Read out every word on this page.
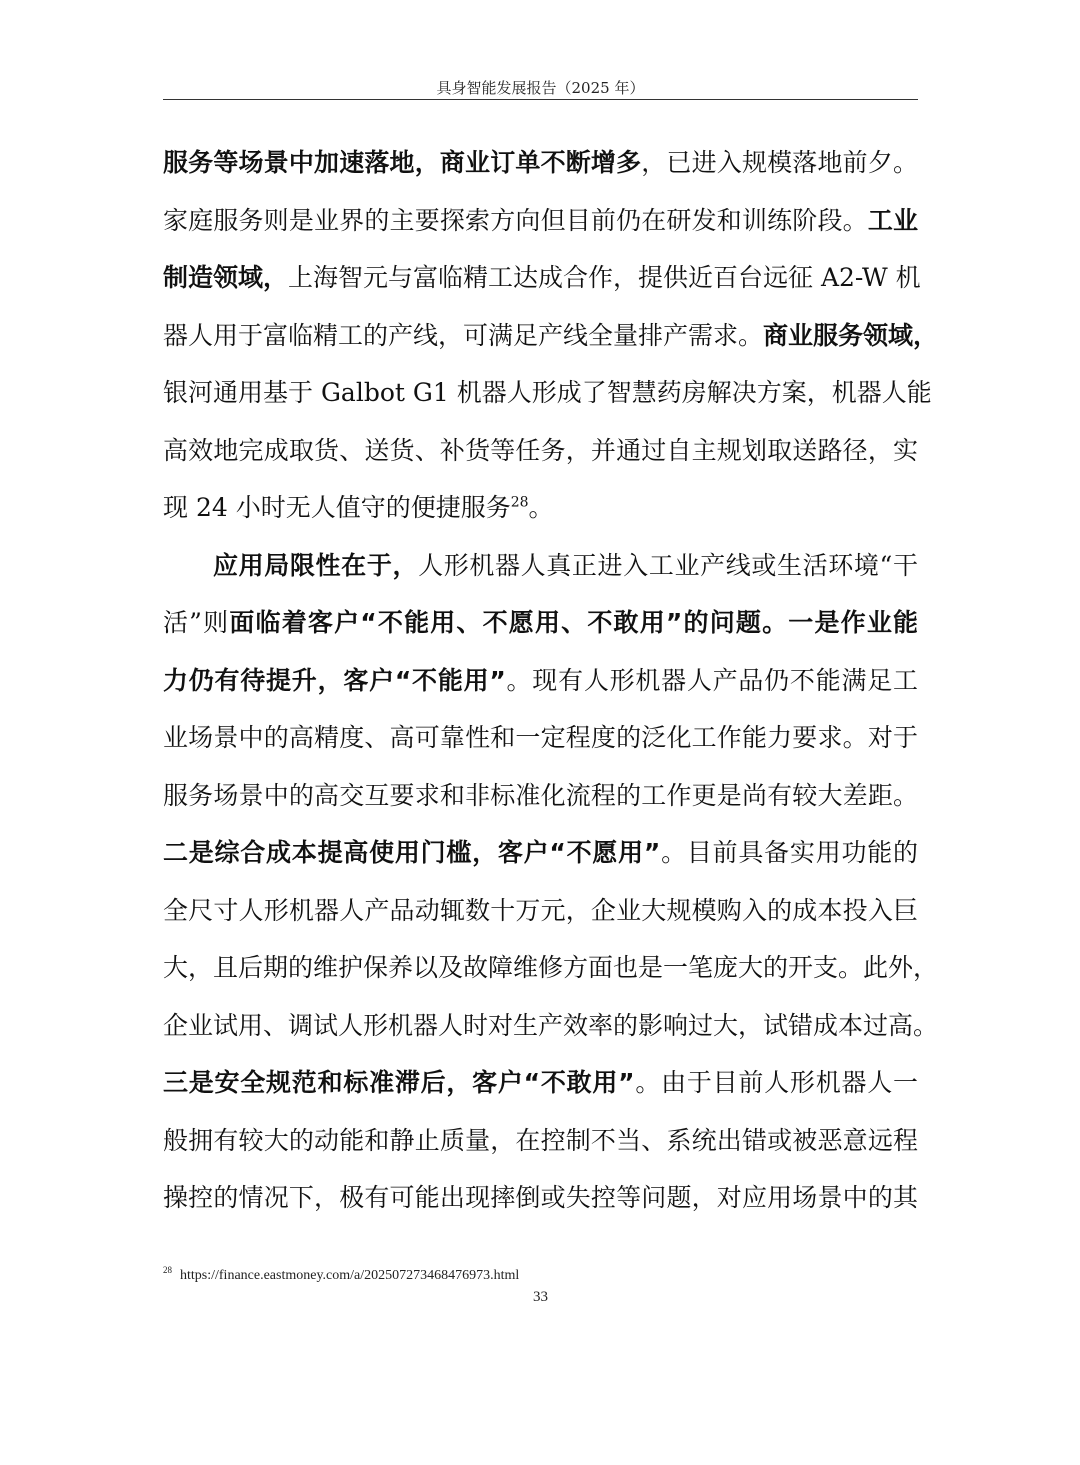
具身智能发展报告（2025 年）
服务等场景中加速落地，商业订单不断增多，已进入规模落地前夕。
家庭服务则是业界的主要探索方向但目前仍在研发和训练阶段。工业
制造领域，上海智元与富临精工达成合作，提供近百台远征 A2-W 机
器人用于富临精工的产线，可满足产线全量排产需求。商业服务领域，
银河通用基于 Galbot G1 机器人形成了智慧药房解决方案，机器人能
高效地完成取货、送货、补货等任务，并通过自主规划取送路径，实
现 24 小时无人值守的便捷服务$^{28}$。
应用局限性在于，人形机器人真正进入工业产线或生活环境“干
活”则面临着客户“不能用、不愿用、不敢用”的问题。一是作业能
力仍有待提升，客户“不能用”。现有人形机器人产品仍不能满足工
业场景中的高精度、高可靠性和一定程度的泛化工作能力要求。对于
服务场景中的高交互要求和非标准化流程的工作更是尚有较大差距。
二是综合成本提高使用门槛，客户“不愿用”。目前具备实用功能的
全尺寸人形机器人产品动辄数十万元，企业大规模购入的成本投入巨
大，且后期的维护保养以及故障维修方面也是一笔庞大的开支。此外，
企业试用、调试人形机器人时对生产效率的影响过大，试错成本过高。
三是安全规范和标准滞后，客户“不敢用”。由于目前人形机器人一
般拥有较大的动能和静止质量，在控制不当、系统出错或被恶意远程
操控的情况下，极有可能出现摔倒或失控等问题，对应用场景中的其
$^{28}$ https://finance.eastmoney.com/a/202507273468476973.html
33
